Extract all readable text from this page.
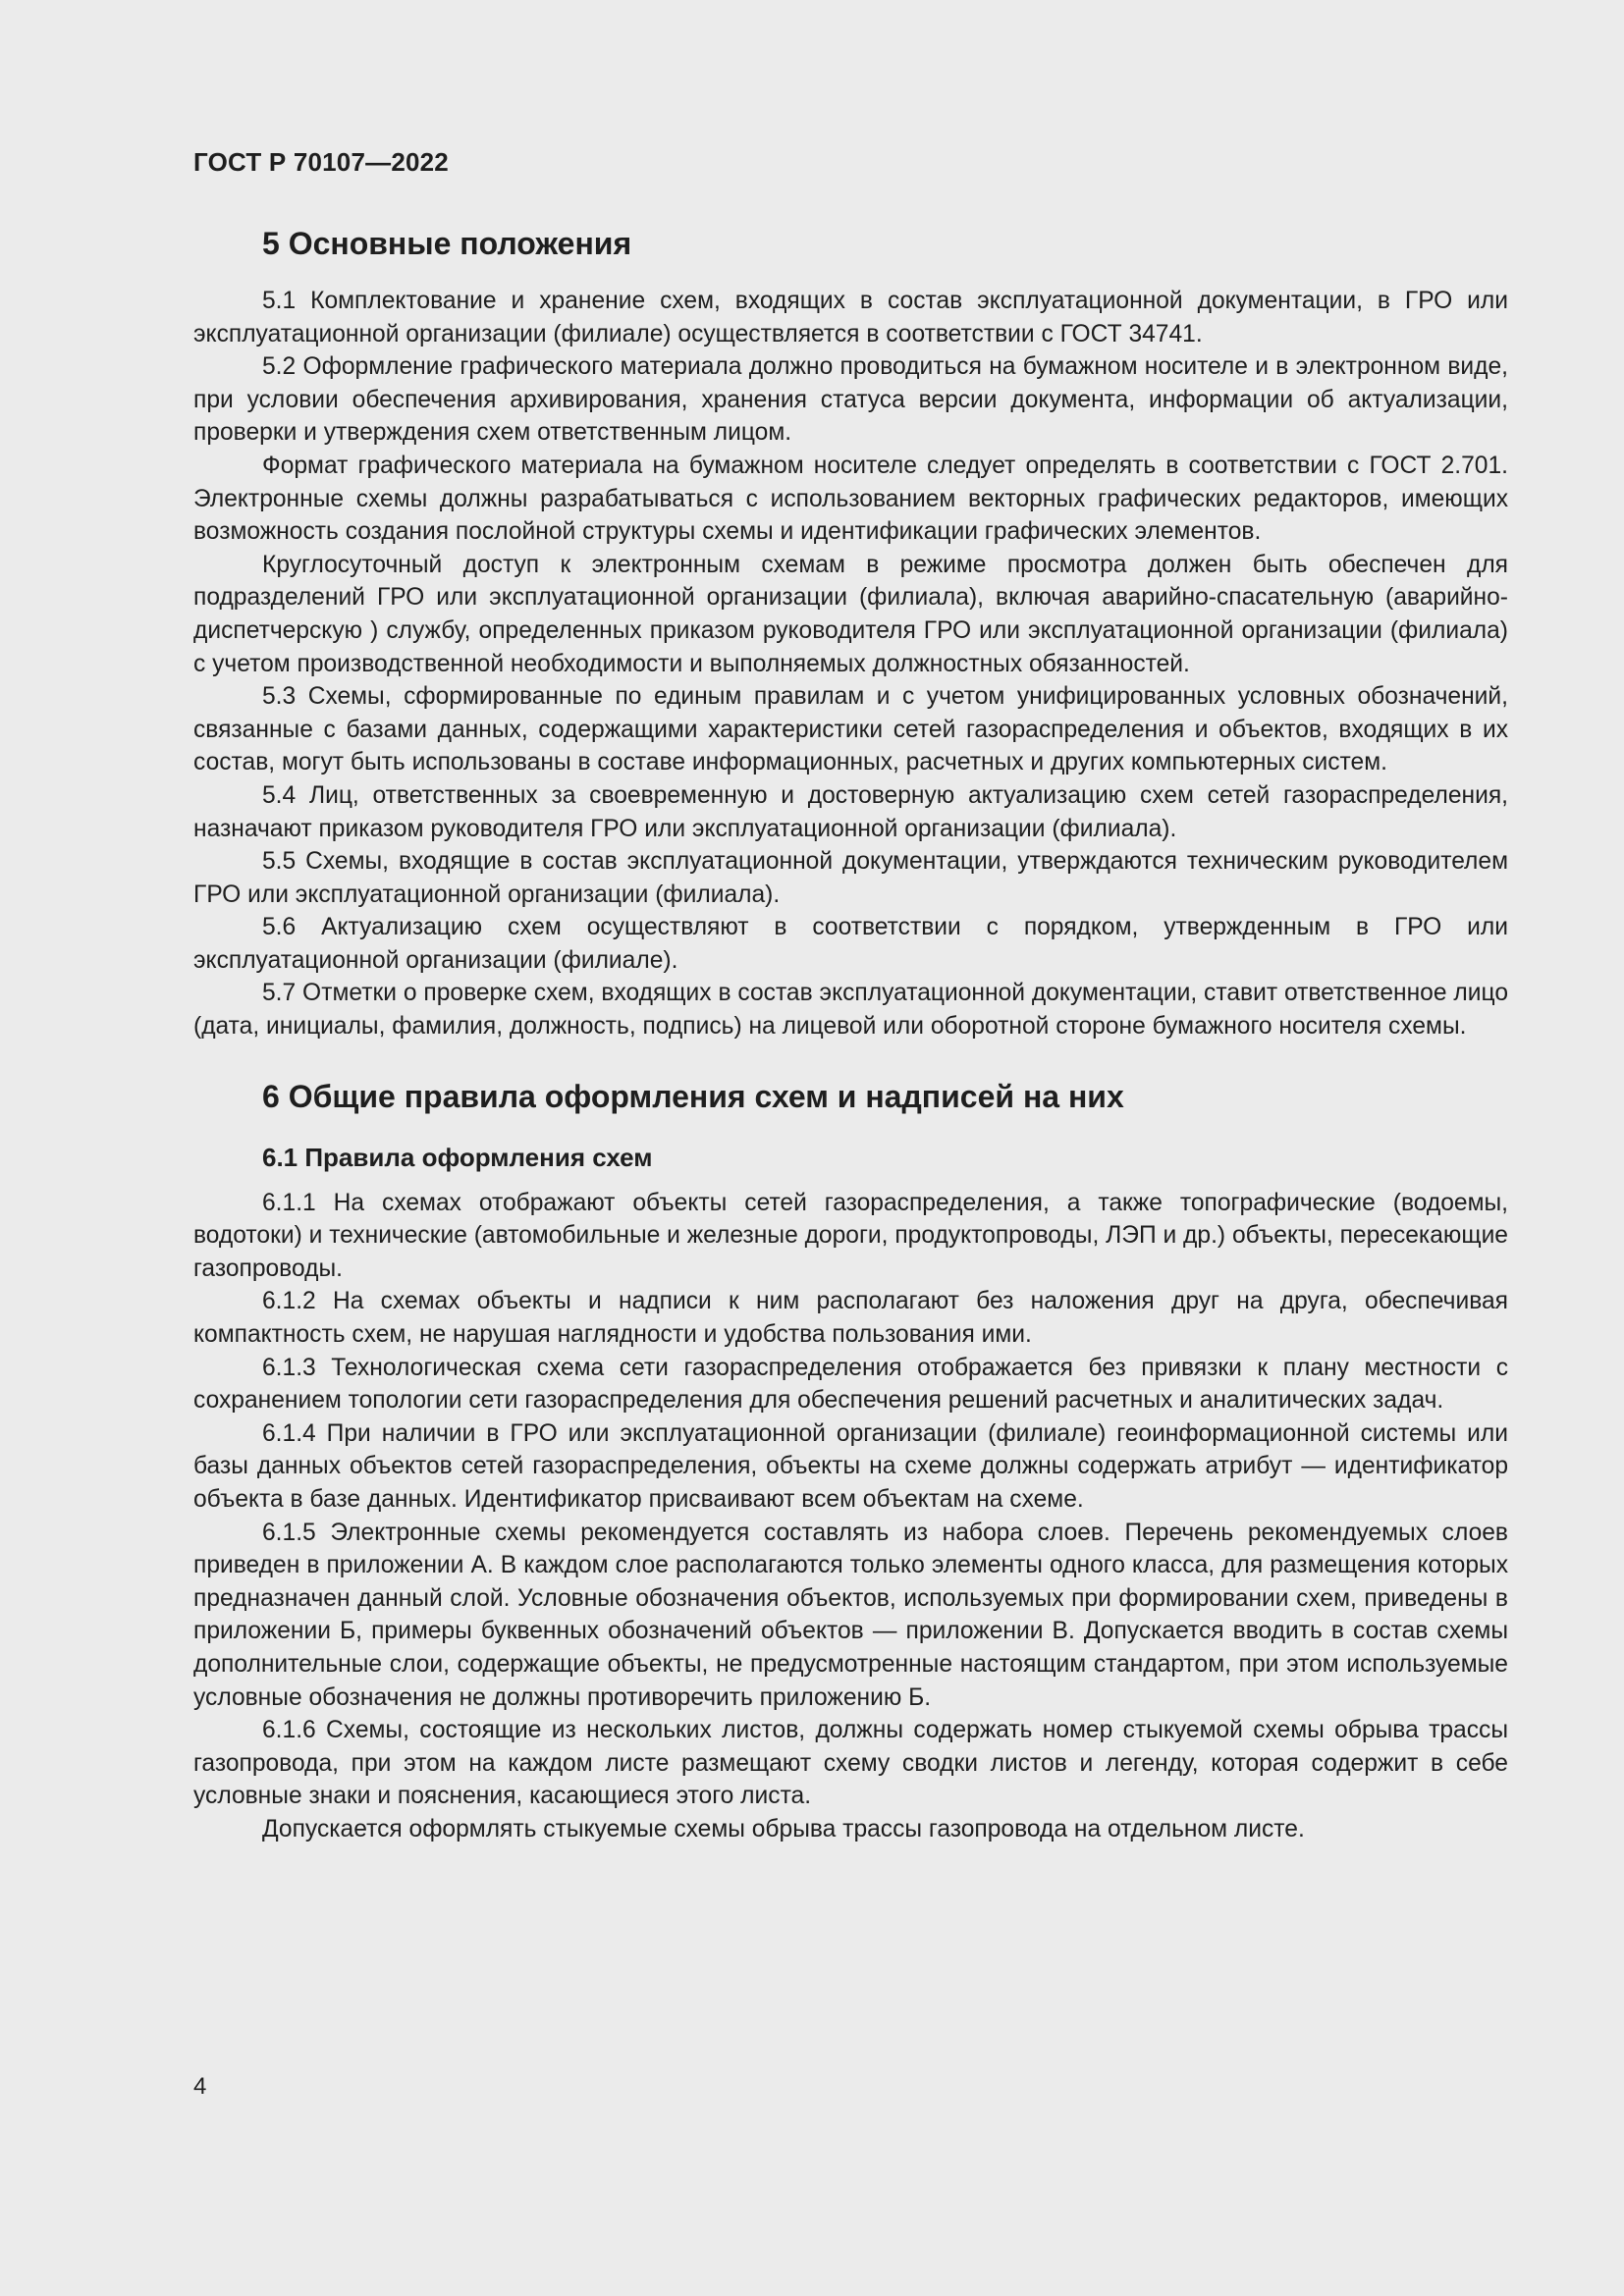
ГОСТ Р 70107—2022
5 Основные положения

5.1 Комплектование и хранение схем, входящих в состав эксплуатационной документации, в ГРО или эксплуатационной организации (филиале) осуществляется в соответствии с ГОСТ 34741.

5.2 Оформление графического материала должно проводиться на бумажном носителе и в электронном виде, при условии обеспечения архивирования, хранения статуса версии документа, информации об актуализации, проверки и утверждения схем ответственным лицом.

Формат графического материала на бумажном носителе следует определять в соответствии с ГОСТ 2.701. Электронные схемы должны разрабатываться с использованием векторных графических редакторов, имеющих возможность создания послойной структуры схемы и идентификации графических элементов.

Круглосуточный доступ к электронным схемам в режиме просмотра должен быть обеспечен для подразделений ГРО или эксплуатационной организации (филиала), включая аварийно-спасательную (аварийно-диспетчерскую ) службу, определенных приказом руководителя ГРО или эксплуатационной организации (филиала) с учетом производственной необходимости и выполняемых должностных обязанностей.

5.3 Схемы, сформированные по единым правилам и с учетом унифицированных условных обозначений, связанные с базами данных, содержащими характеристики сетей газораспределения и объектов, входящих в их состав, могут быть использованы в составе информационных, расчетных и других компьютерных систем.

5.4 Лиц, ответственных за своевременную и достоверную актуализацию схем сетей газораспределения, назначают приказом руководителя ГРО или эксплуатационной организации (филиала).

5.5 Схемы, входящие в состав эксплуатационной документации, утверждаются техническим руководителем ГРО или эксплуатационной организации (филиала).

5.6 Актуализацию схем осуществляют в соответствии с порядком, утвержденным в ГРО или эксплуатационной организации (филиале).

5.7 Отметки о проверке схем, входящих в состав эксплуатационной документации, ставит ответственное лицо (дата, инициалы, фамилия, должность, подпись) на лицевой или оборотной стороне бумажного носителя схемы.

6 Общие правила оформления схем и надписей на них
6.1 Правила оформления схем

6.1.1 На схемах отображают объекты сетей газораспределения, а также топографические (водоемы, водотоки) и технические (автомобильные и железные дороги, продуктопроводы, ЛЭП и др.) объекты, пересекающие газопроводы.

6.1.2 На схемах объекты и надписи к ним располагают без наложения друг на друга, обеспечивая компактность схем, не нарушая наглядности и удобства пользования ими.

6.1.3 Технологическая схема сети газораспределения отображается без привязки к плану местности с сохранением топологии сети газораспределения для обеспечения решений расчетных и аналитических задач.

6.1.4 При наличии в ГРО или эксплуатационной организации (филиале) геоинформационной системы или базы данных объектов сетей газораспределения, объекты на схеме должны содержать атрибут — идентификатор объекта в базе данных. Идентификатор присваивают всем объектам на схеме.

6.1.5 Электронные схемы рекомендуется составлять из набора слоев. Перечень рекомендуемых слоев приведен в приложении А. В каждом слое располагаются только элементы одного класса, для размещения которых предназначен данный слой. Условные обозначения объектов, используемых при формировании схем, приведены в приложении Б, примеры буквенных обозначений объектов — приложении В. Допускается вводить в состав схемы дополнительные слои, содержащие объекты, не предусмотренные настоящим стандартом, при этом используемые условные обозначения не должны противоречить приложению Б.

6.1.6 Схемы, состоящие из нескольких листов, должны содержать номер стыкуемой схемы обрыва трассы газопровода, при этом на каждом листе размещают схему сводки листов и легенду, которая содержит в себе условные знаки и пояснения, касающиеся этого листа.

Допускается оформлять стыкуемые схемы обрыва трассы газопровода на отдельном листе.

4
